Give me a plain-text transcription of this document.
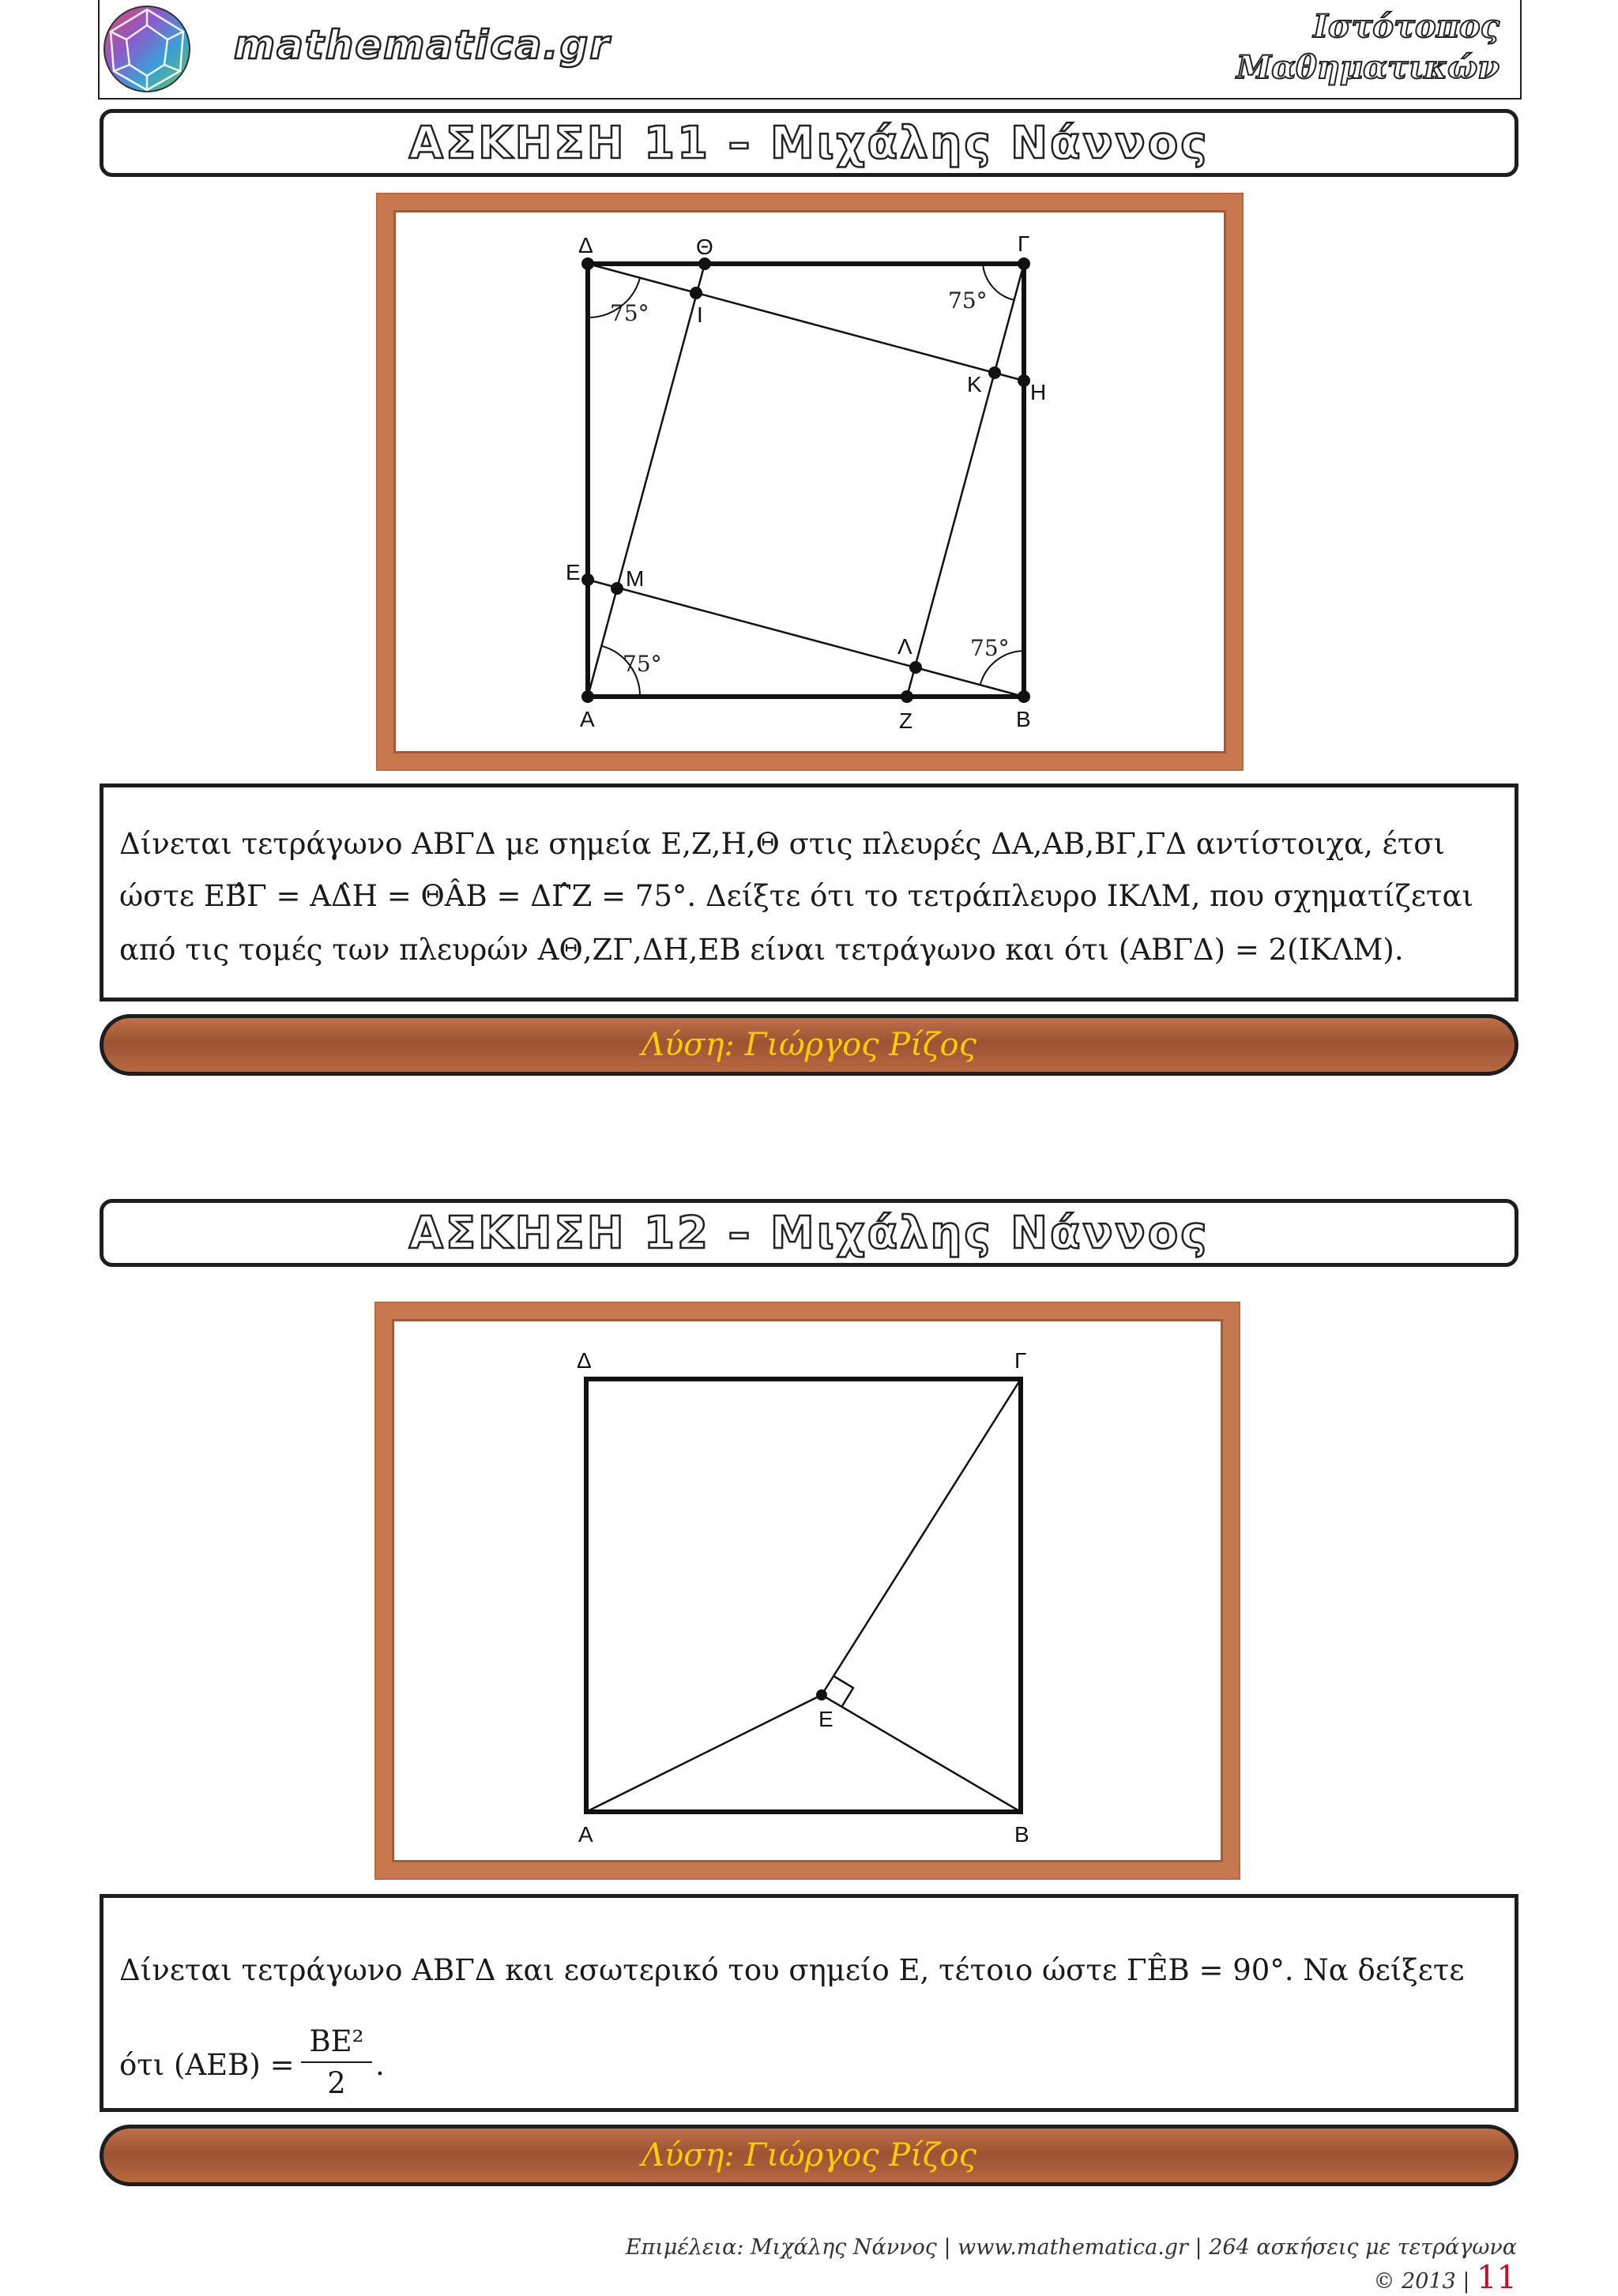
mathematica.gr	Ιστότοπος
Μαθηματικών
ΑΣΚΗΣΗ 11 – Μιχάλης Νάννος
Δ	Θ	Γ
Ι
Κ Η
Ε Μ
Λ
Α	Ζ	Β
75°	75°
75°
75°
Δίνεται τετράγωνο ΑΒΓΔ με σημεία Ε,Ζ,Η,Θ στις πλευρές ΔΑ,ΑΒ,ΒΓ,ΓΔ αντίστοιχα, έτσι
ώστε ΕΒ̂Γ = ΑΔ̂Η = ΘÂΒ = ΔΓ̂Ζ = 75°. Δείξτε ότι το τετράπλευρο ΙΚΛΜ, που σχηματίζεται
από τις τομές των πλευρών ΑΘ,ΖΓ,ΔΗ,ΕΒ είναι τετράγωνο και ότι (ΑΒΓΔ) = 2(ΙΚΛΜ).
Λύση: Γιώργος Ρίζος
ΑΣΚΗΣΗ 12 – Μιχάλης Νάννος
Δ	Γ
Ε
Α	Β
Δίνεται τετράγωνο ΑΒΓΔ και εσωτερικό του σημείο Ε, τέτοιο ώστε ΓÊΒ = 90°. Να δείξετε
ότι $(AEB) = \frac{\text{ΒΕ²}}{2}$ .
Λύση: Γιώργος Ρίζος
Επιμέλεια: Μιχάλης Νάννος | www.mathematica.gr | 264 ασκήσεις με τετράγωνα © 2013 | 11
